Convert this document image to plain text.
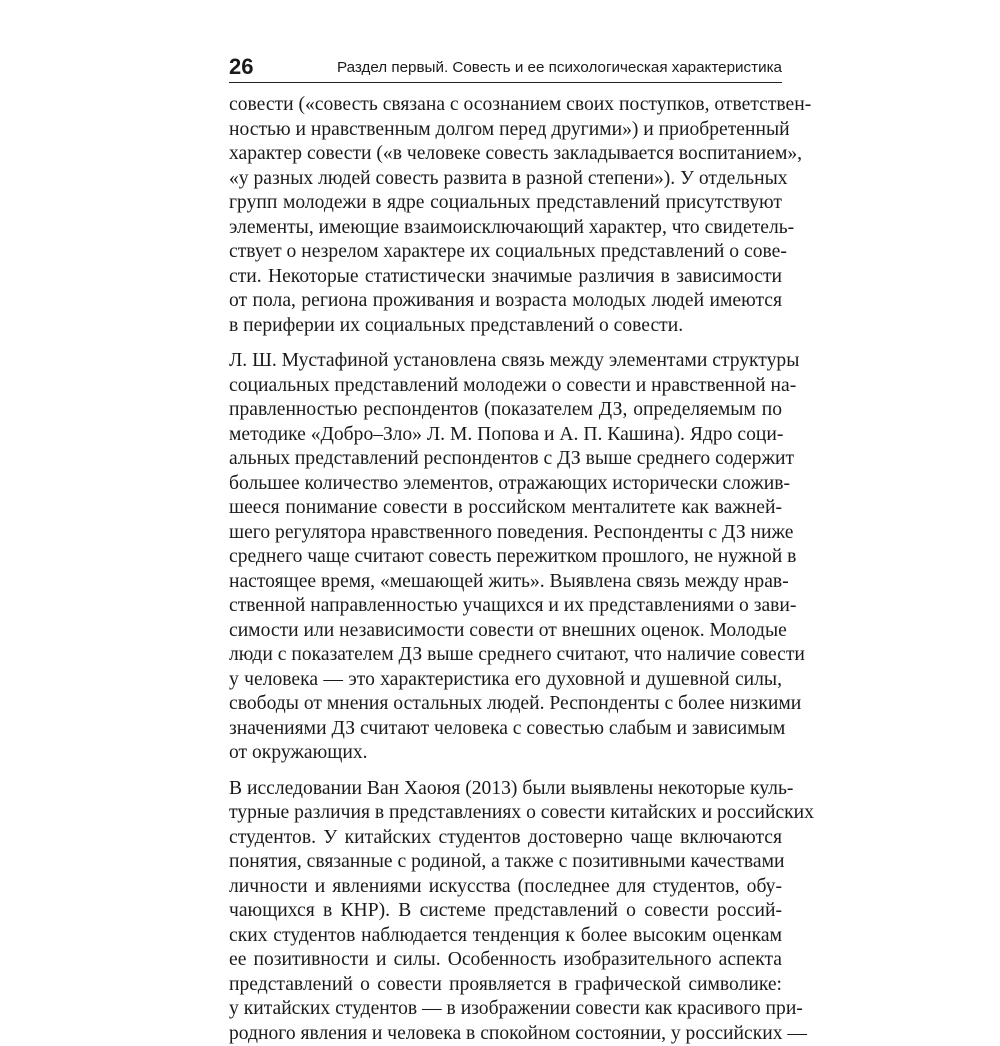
26	Раздел первый. Совесть и ее психологическая характеристика

совести («совесть связана с осознанием своих поступков, ответствен-
ностью и нравственным долгом перед другими») и приобретенный
характер совести («в человеке совесть закладывается воспитанием»,
«у разных людей совесть развита в разной степени»). У отдельных
групп молодежи в ядре социальных представлений присутствуют
элементы, имеющие взаимоисключающий характер, что свидетель-
ствует о незрелом характере их социальных представлений о сове-
сти. Некоторые статистически значимые различия в зависимости
от пола, региона проживания и возраста молодых людей имеются
в периферии их социальных представлений о совести.

Л. Ш. Мустафиной установлена связь между элементами структуры
социальных представлений молодежи о совести и нравственной на-
правленностью респондентов (показателем ДЗ, определяемым по
методике «Добро–Зло» Л. М. Попова и А. П. Кашина). Ядро соци-
альных представлений респондентов с ДЗ выше среднего содержит
большее количество элементов, отражающих исторически сложив-
шееся понимание совести в российском менталитете как важней-
шего регулятора нравственного поведения. Респонденты с ДЗ ниже
среднего чаще считают совесть пережитком прошлого, не нужной в
настоящее время, «мешающей жить». Выявлена связь между нрав-
ственной направленностью учащихся и их представлениями о зави-
симости или независимости совести от внешних оценок. Молодые
люди с показателем ДЗ выше среднего считают, что наличие совести
у человека — это характеристика его духовной и душевной силы,
свободы от мнения остальных людей. Респонденты с более низкими
значениями ДЗ считают человека с совестью слабым и зависимым
от окружающих.

В исследовании Ван Хаоюя (2013) были выявлены некоторые куль-
турные различия в представлениях о совести китайских и российских
студентов. У китайских студентов достоверно чаще включаются
понятия, связанные с родиной, а также с позитивными качествами
личности и явлениями искусства (последнее для студентов, обу-
чающихся в КНР). В системе представлений о совести россий-
ских студентов наблюдается тенденция к более высоким оценкам
ее позитивности и силы. Особенность изобразительного аспекта
представлений о совести проявляется в графической символике:
у китайских студентов — в изображении совести как красивого при-
родного явления и человека в спокойном состоянии, у российских —
